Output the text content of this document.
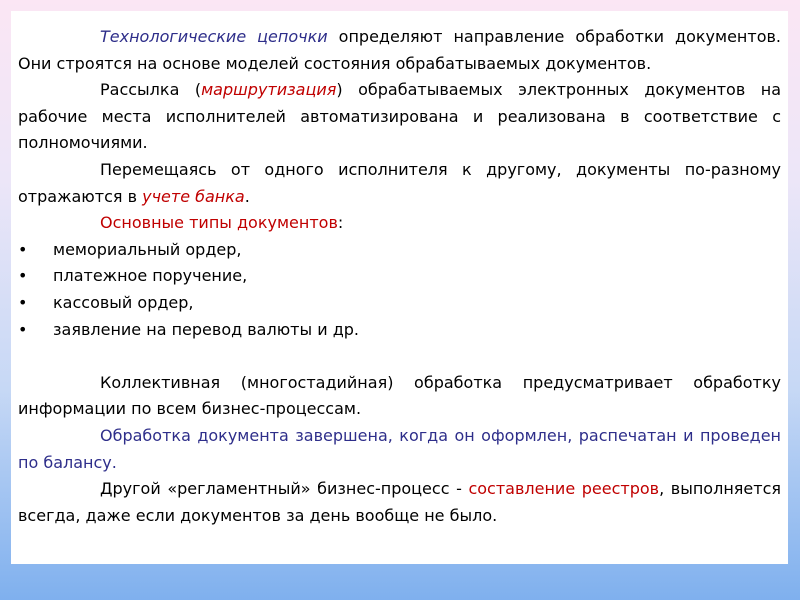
Технологические цепочки определяют направление обработки документов. Они строятся на основе моделей состояния обрабатываемых документов.

Рассылка (маршрутизация) обрабатываемых электронных документов на рабочие места исполнителей автоматизирована и реализована в соответствие с полномочиями.

Перемещаясь от одного исполнителя к другому, документы по-разному отражаются в учете банка.

Основные типы документов:

• мемориальный ордер,
• платежное поручение,
• кассовый ордер,
• заявление на перевод валюты и др.

Коллективная (многостадийная) обработка предусматривает обработку информации по всем бизнес-процессам.

Обработка документа завершена, когда он оформлен, распечатан и проведен по балансу.

Другой «регламентный» бизнес-процесс - составление реестров, выполняется всегда, даже если документов за день вообще не было.
